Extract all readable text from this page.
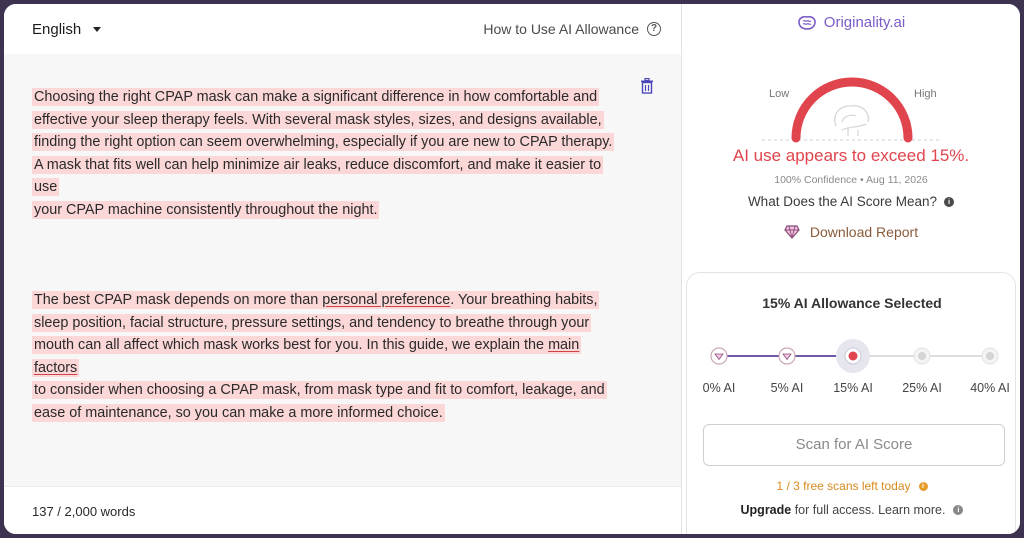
English	How to Use AI Allowance	?
Choosing the right CPAP mask can make a significant difference in how comfortable and
effective your sleep therapy feels. With several mask styles, sizes, and designs available,
finding the right option can seem overwhelming, especially if you are new to CPAP therapy.
A mask that fits well can help minimize air leaks, reduce discomfort, and make it easier to use
your CPAP machine consistently throughout the night.
The best CPAP mask depends on more than personal preference. Your breathing habits,
sleep position, facial structure, pressure settings, and tendency to breathe through your
mouth can all affect which mask works best for you. In this guide, we explain the main factors
to consider when choosing a CPAP mask, from mask type and fit to comfort, leakage, and
ease of maintenance, so you can make a more informed choice.
137 / 2,000 words
Originality.ai
Low	High
AI use appears to exceed 15%.
100% Confidence • Aug 11, 2026
What Does the AI Score Mean?	i
Download Report
15% AI Allowance Selected
0% AI	5% AI	15% AI	25% AI	40% AI
Scan for AI Score
1 / 3 free scans left today	i
Upgrade for full access. Learn more.	i
